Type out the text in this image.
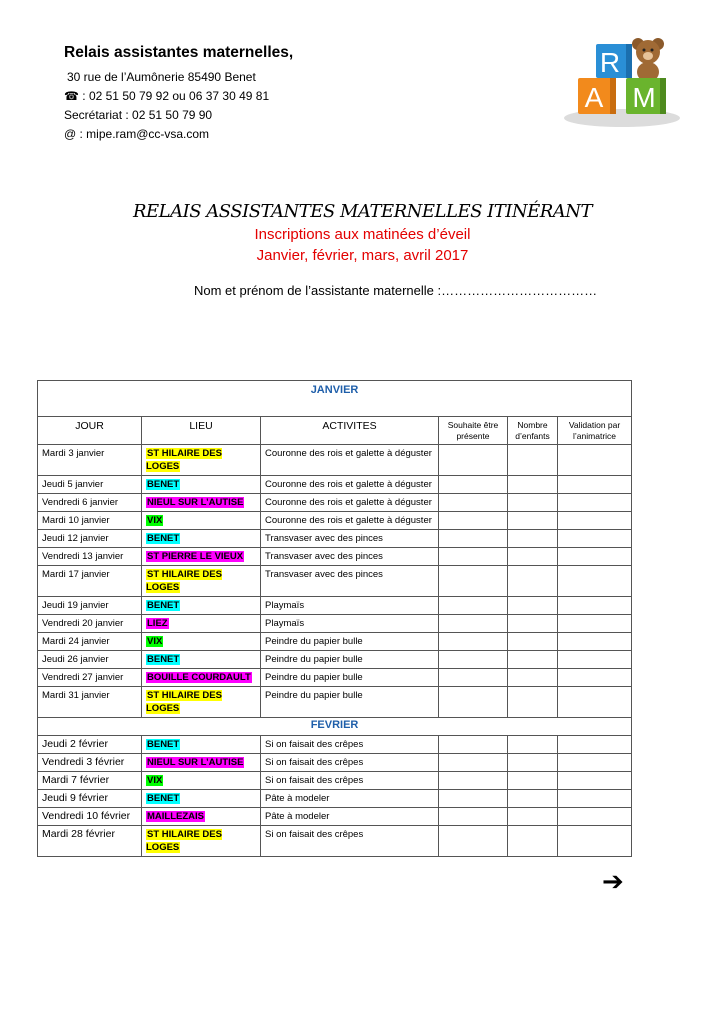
Relais assistantes maternelles,

30 rue de l’Aumônerie 85490 Benet

☎ : 02 51 50 79 92 ou 06 37 30 49 81

Secrétariat : 02 51 50 79 90

@ : mipe.ram@cc-vsa.com

R
A M

RELAIS ASSISTANTES MATERNELLES ITINÉRANT

Inscriptions aux matinées d’éveil

Janvier, février, mars, avril 2017

Nom et prénom de l’assistante maternelle :………………………………
JANVIER					
JOUR	LIEU	ACTIVITES	Souhaite être présente	Nombre d’enfants	Validation par l’animatrice
Mardi 3 janvier	ST HILAIRE DES LOGES	Couronne des rois et galette à déguster			
Jeudi 5 janvier	BENET	Couronne des rois et galette à déguster			
Vendredi 6 janvier	NIEUL SUR L’AUTISE	Couronne des rois et galette à déguster			
Mardi 10 janvier	VIX	Couronne des rois et galette à déguster			
Jeudi 12 janvier	BENET	Transvaser avec des pinces			
Vendredi 13 janvier	ST PIERRE LE VIEUX	Transvaser avec des pinces			
Mardi 17 janvier	ST HILAIRE DES LOGES	Transvaser avec des pinces			
Jeudi 19 janvier	BENET	Playmaïs			
Vendredi 20 janvier	LIEZ	Playmaïs			
Mardi 24 janvier	VIX	Peindre du papier bulle			
Jeudi 26 janvier	BENET	Peindre du papier bulle			
Vendredi 27 janvier	BOUILLE COURDAULT	Peindre du papier bulle			
Mardi 31 janvier	ST HILAIRE DES LOGES	Peindre du papier bulle			
FEVRIER					
Jeudi 2 février	BENET	Si on faisait des crêpes			
Vendredi 3 février	NIEUL SUR L’AUTISE	Si on faisait des crêpes			
Mardi 7 février	VIX	Si on faisait des crêpes			
Jeudi 9 février	BENET	Pâte à modeler			
Vendredi 10 février	MAILLEZAIS	Pâte à modeler			
Mardi 28 février	ST HILAIRE DES LOGES	Si on faisait des crêpes			
➔
